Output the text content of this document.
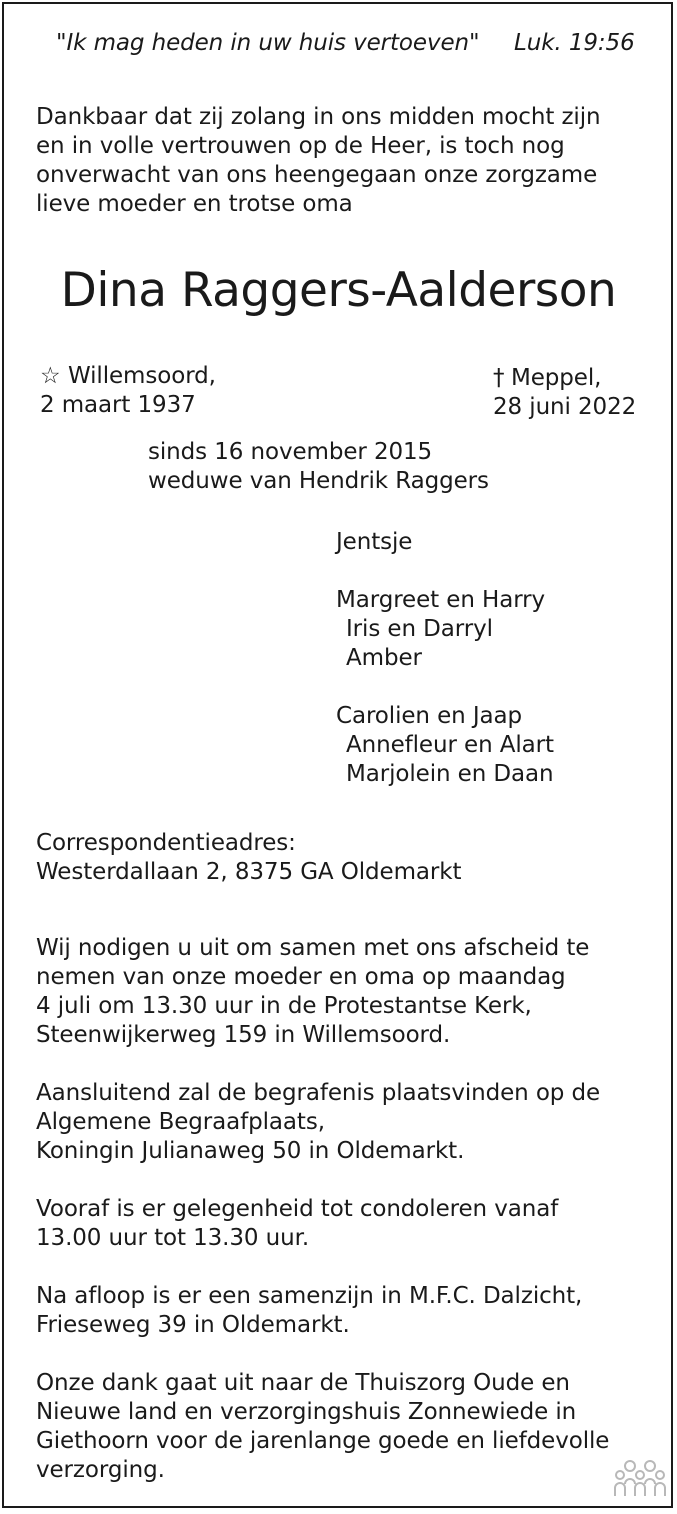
"Ik mag heden in uw huis vertoeven" Luk. 19:56
Dankbaar dat zij zolang in ons midden mocht zijn
en in volle vertrouwen op de Heer, is toch nog
onverwacht van ons heengegaan onze zorgzame
lieve moeder en trotse oma
Dina Raggers-Aalderson
☆ Willemsoord,
2 maart 1937
† Meppel,
28 juni 2022
sinds 16 november 2015
weduwe van Hendrik Raggers
Jentsje
Margreet en Harry
Iris en Darryl
Amber
Carolien en Jaap
Annefleur en Alart
Marjolein en Daan
Correspondentieadres:
Westerdallaan 2, 8375 GA Oldemarkt
Wij nodigen u uit om samen met ons afscheid te
nemen van onze moeder en oma op maandag
4 juli om 13.30 uur in de Protestantse Kerk,
Steenwijkerweg 159 in Willemsoord.
Aansluitend zal de begrafenis plaatsvinden op de
Algemene Begraafplaats,
Koningin Julianaweg 50 in Oldemarkt.
Vooraf is er gelegenheid tot condoleren vanaf
13.00 uur tot 13.30 uur.
Na afloop is er een samenzijn in M.F.C. Dalzicht,
Frieseweg 39 in Oldemarkt.
Onze dank gaat uit naar de Thuiszorg Oude en
Nieuwe land en verzorgingshuis Zonnewiede in
Giethoorn voor de jarenlange goede en liefdevolle
verzorging.
